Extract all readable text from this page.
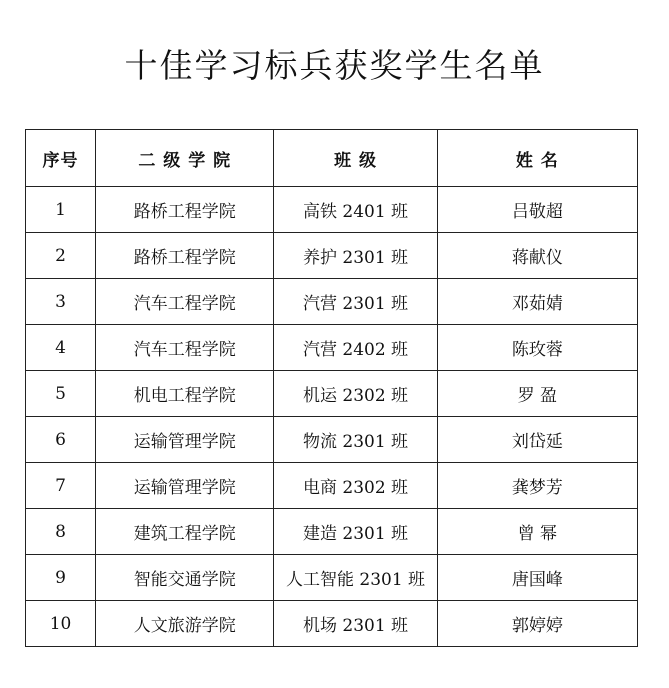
十佳学习标兵获奖学生名单
序号	二 级 学 院	班 级	姓 名
1	路桥工程学院	高铁 2401 班	吕敬超
2	路桥工程学院	养护 2301 班	蒋献仪
3	汽车工程学院	汽营 2301 班	邓茹婧
4	汽车工程学院	汽营 2402 班	陈玫蓉
5	机电工程学院	机运 2302 班	罗 盈
6	运输管理学院	物流 2301 班	刘岱延
7	运输管理学院	电商 2302 班	龚梦芳
8	建筑工程学院	建造 2301 班	曾 幂
9	智能交通学院	人工智能 2301 班	唐国峰
10	人文旅游学院	机场 2301 班	郭婷婷
